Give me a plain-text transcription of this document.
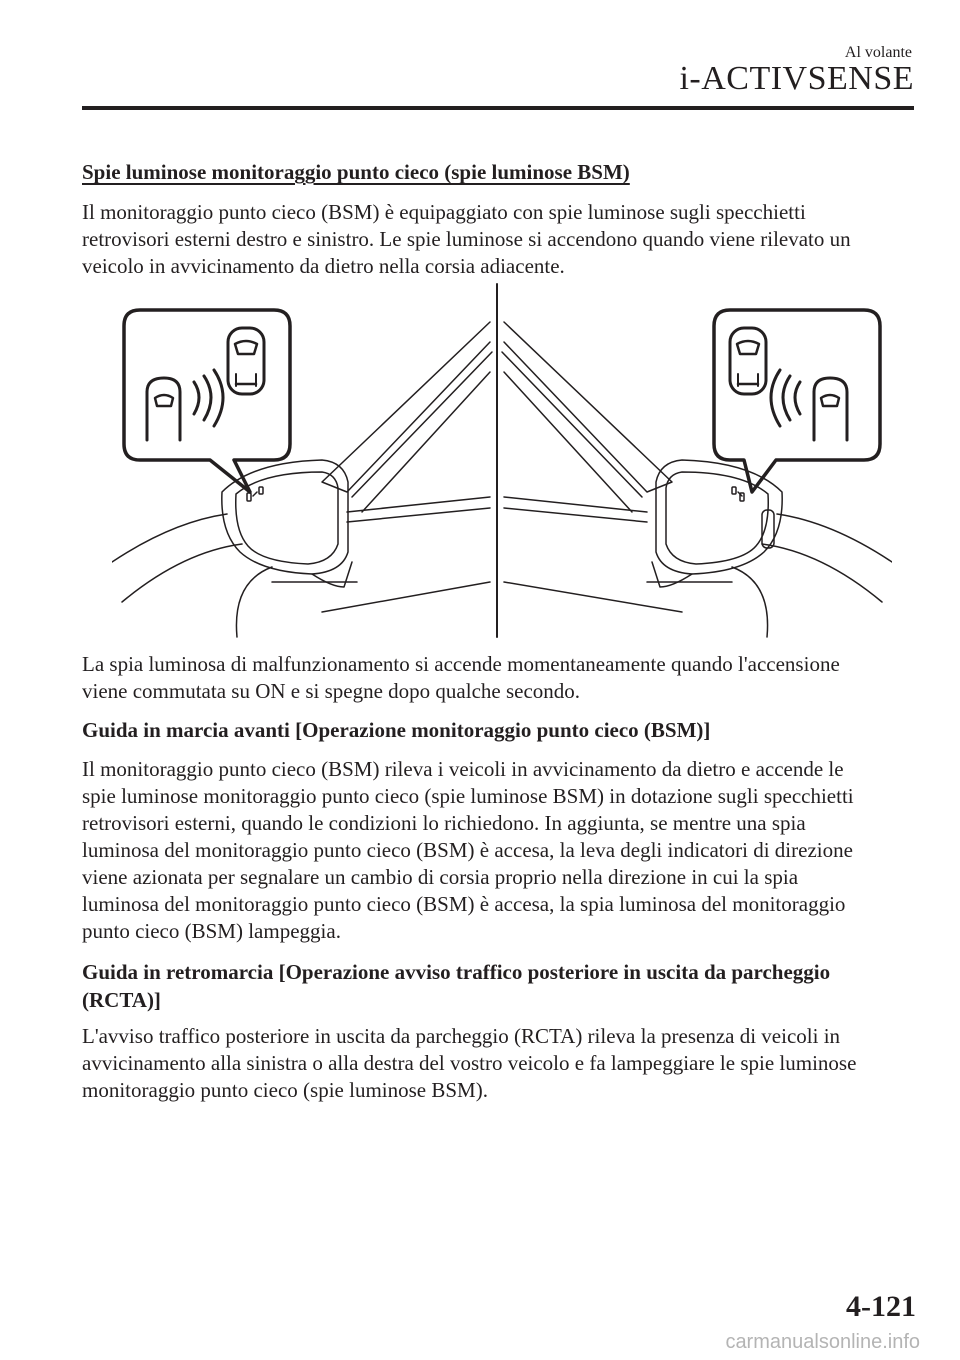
Al volante
i-ACTIVSENSE
Spie luminose monitoraggio punto cieco (spie luminose BSM)
Il monitoraggio punto cieco (BSM) è equipaggiato con spie luminose sugli specchietti
retrovisori esterni destro e sinistro. Le spie luminose si accendono quando viene rilevato un
veicolo in avvicinamento da dietro nella corsia adiacente.
La spia luminosa di malfunzionamento si accende momentaneamente quando l'accensione
viene commutata su ON e si spegne dopo qualche secondo.
Guida in marcia avanti [Operazione monitoraggio punto cieco (BSM)]
Il monitoraggio punto cieco (BSM) rileva i veicoli in avvicinamento da dietro e accende le
spie luminose monitoraggio punto cieco (spie luminose BSM) in dotazione sugli specchietti
retrovisori esterni, quando le condizioni lo richiedono. In aggiunta, se mentre una spia
luminosa del monitoraggio punto cieco (BSM) è accesa, la leva degli indicatori di direzione
viene azionata per segnalare un cambio di corsia proprio nella direzione in cui la spia
luminosa del monitoraggio punto cieco (BSM) è accesa, la spia luminosa del monitoraggio
punto cieco (BSM) lampeggia.
Guida in retromarcia [Operazione avviso traffico posteriore in uscita da parcheggio
(RCTA)]
L'avviso traffico posteriore in uscita da parcheggio (RCTA) rileva la presenza di veicoli in
avvicinamento alla sinistra o alla destra del vostro veicolo e fa lampeggiare le spie luminose
monitoraggio punto cieco (spie luminose BSM).
4-121
carmanualsonline.info
